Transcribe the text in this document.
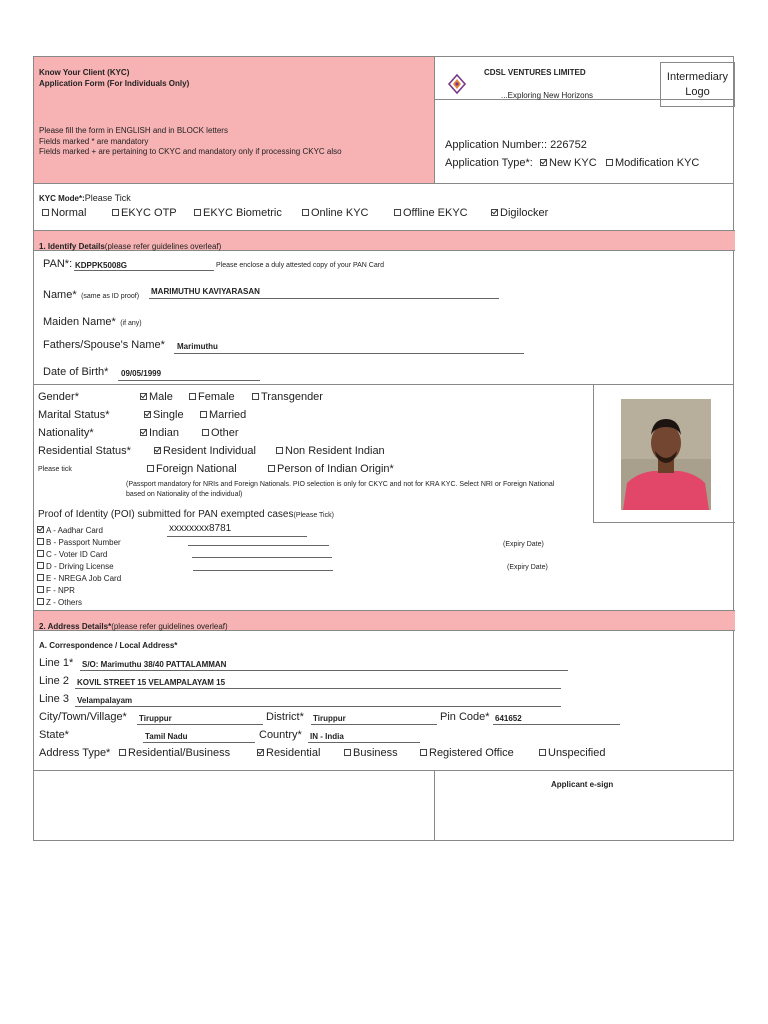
Know Your Client (KYC)
Application Form (For Individuals Only)
Please fill the form in ENGLISH and in BLOCK letters
Fields marked * are mandatory
Fields marked + are pertaining to CKYC and mandatory only if processing CKYC also
CDSL VENTURES LIMITED
...Exploring New Horizons
Intermediary Logo
Application Number:: 226752
Application Type*:	New KYC	Modification KYC
KYC Mode*:Please Tick
Normal	EKYC OTP	EKYC Biometric	Online KYC	Offline EKYC	Digilocker
1. Identify Details(please refer guidelines overleaf)
PAN*: KDPPK5008G	Please enclose a duly attested copy of your PAN Card
Name* (same as ID proof)
MARIMUTHU KAVIYARASAN
Maiden Name* (if any)
Fathers/Spouse's Name* Marimuthu
Date of Birth* 09/05/1999
Gender*	Male	Female	Transgender
Marital Status*	Single	Married
Nationality*	Indian	Other
Residential Status*	Resident Individual	Non Resident Indian
Please tick	Foreign National	Person of Indian Origin*
(Passport mandatory for NRIs and Foreign Nationals. PIO selection is only for CKYC and not for KRA KYC. Select NRI or Foreign National
based on Nationality of the individual)
Proof of Identity (POI) submitted for PAN exempted cases(Please Tick)
A - Aadhar Card	xxxxxxxx8781
B - Passport Number	(Expiry Date)
C - Voter ID Card
D - Driving License	(Expiry Date)
E - NREGA Job Card
F - NPR
Z - Others
2. Address Details*(please refer guidelines overleaf)
A. Correspondence / Local Address*
Line 1* S/O: Marimuthu 38/40 PATTALAMMAN
Line 2 KOVIL STREET 15 VELAMPALAYAM 15
Line 3 Velampalayam
City/Town/Village* Tiruppur	District* Tiruppur	Pin Code* 641652
State*	Tamil Nadu	Country* IN - India
Address Type*	Residential/Business	Residential	Business	Registered Office	Unspecified
Applicant e-sign
